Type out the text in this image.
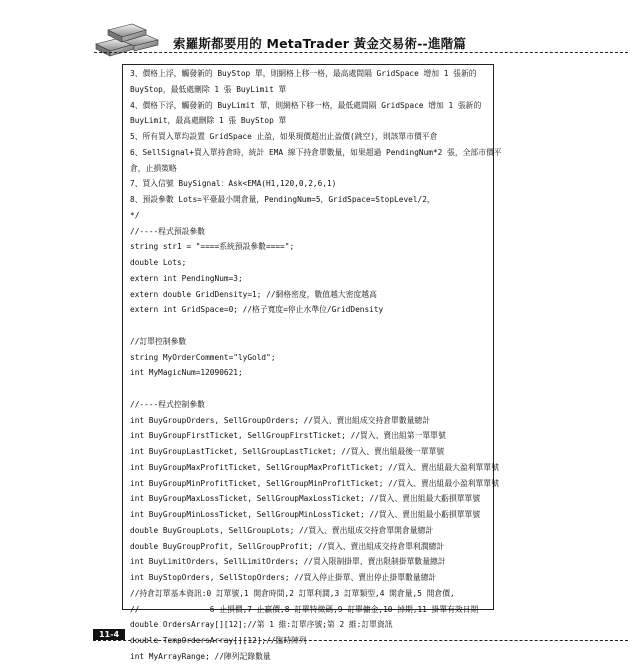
索羅斯都要用的 MetaTrader 黃金交易術--進階篇
3、價格上浮，觸發新的 BuyStop 單，則網格上移一格，最高處間隔 GridSpace 增加 1 張新的
BuyStop，最低處刪除 1 張 BuyLimit 單
4、價格下浮，觸發新的 BuyLimit 單，則網格下移一格，最低處間隔 GridSpace 增加 1 張新的
BuyLimit，最高處刪除 1 張 BuyStop 單
5、所有買入單均設置 GridSpace 止盈，如果現價超出止盈價(跳空)，則該單市價平倉
6、SellSignal+買入單持倉時，統計 EMA 線下持倉單數量，如果超過 PendingNum*2 張，全部市價平
倉，止損策略
7、買入信號 BuySignal：Ask<EMA(H1,120,0,2,6,1)
8、預設參數 Lots=平臺最小開倉量，PendingNum=5，GridSpace=StopLevel/2，
*/
//----程式預設參數
string str1 = "====系統預設參數====";
double Lots;
extern int PendingNum=3;
extern double GridDensity=1; //網格密度，數值越大密度越高
extern int GridSpace=0; //格子寬度=停止水準位/GridDensity
//訂單控制參數
string MyOrderComment="lyGold";
int MyMagicNum=12090621;
//----程式控制參數
int BuyGroupOrders, SellGroupOrders; //買入、賣出組成交持倉單數量總計
int BuyGroupFirstTicket, SellGroupFirstTicket; //買入、賣出組第一單單號
int BuyGroupLastTicket, SellGroupLastTicket; //買入、賣出組最後一單單號
int BuyGroupMaxProfitTicket, SellGroupMaxProfitTicket; //買入、賣出組最大盈利單單號
int BuyGroupMinProfitTicket, SellGroupMinProfitTicket; //買入、賣出組最小盈利單單號
int BuyGroupMaxLossTicket, SellGroupMaxLossTicket; //買入、賣出組最大虧損單單號
int BuyGroupMinLossTicket, SellGroupMinLossTicket; //買入、賣出組最小虧損單單號
double BuyGroupLots, SellGroupLots; //買入、賣出組成交持倉單開倉量總計
double BuyGroupProfit, SellGroupProfit; //買入、賣出組成交持倉單利潤總計
int BuyLimitOrders, SellLimitOrders; //買入限制掛單、賣出限制掛單數量總計
int BuyStopOrders, SellStopOrders; //買入停止掛單、賣出停止掛單數量總計
//持倉訂單基本資訊:0 訂單號,1 開倉時間,2 訂單利潤,3 訂單類型,4 開倉量,5 開倉價,
//               6 止損價,7 止贏價,8 訂單特徵碼,9 訂單傭金,10 掉期,11 掛單有效日期
double OrdersArray[][12];//第 1 維:訂單序號;第 2 維:訂單資訊
double TempOrdersArray[][12];//臨時陣列
int MyArrayRange; //陣列記錄數量
11-4
